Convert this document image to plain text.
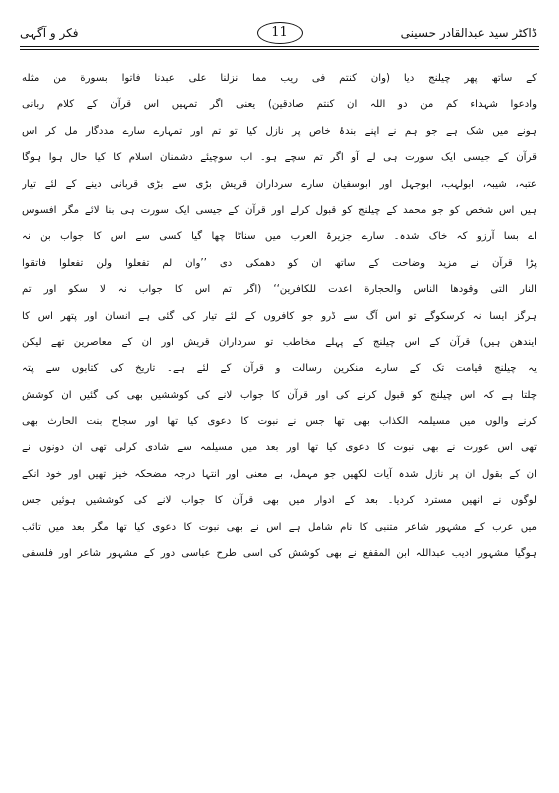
فکر و آگہی	11	ڈاکٹر سید عبدالقادر حسینی
کے ساتھ پھر چیلنج دیا (وان کنتم فی ریب مما نزلنا علی عبدنا فاتوا بسورة من مثله
وادعوا شہداء کم من دو اللہ ان کنتم صادقین) یعنی اگر تمہیں اس قرآن کے کلام ربانی
ہونے میں شک ہے جو ہم نے اپنے بندۂ خاص پر نازل کیا تو تم اور تمہارے سارے مددگار مل کر اس
قرآن کے جیسی ایک سورت ہی لے آو اگر تم سچے ہو۔ اب سوچیئے دشمنان اسلام کا کیا حال ہوا ہوگا
عتبہ، شیبہ، ابولہب، ابوجہل اور ابوسفیان سارے سرداران قریش بڑی سے بڑی قربانی دینے کے لئے تیار
ہیں اس شخص کو جو محمد کے چیلنج کو قبول کرلے اور قرآن کے جیسی ایک سورت ہی بنا لائے مگر افسوس
اے بسا آرزو کہ خاک شدہ۔ سارے جزیرۃ العرب میں سناٹا چھا گیا کسی سے اس کا جواب بن نہ
پڑا قرآن نے مزید وضاحت کے ساتھ ان کو دھمکی دی ’’وان لم تفعلوا ولن تفعلوا فاتقوا
النار التی وقودھا الناس والحجارة اعدت للکافرین‘‘ (اگر تم اس کا جواب نہ لا سکو اور تم
ہرگز ایسا نہ کرسکوگے تو اس آگ سے ڈرو جو کافروں کے لئے تیار کی گئی ہے انسان اور پتھر اس کا
ایندھن ہیں) قرآن کے اس چیلنج کے پہلے مخاطب تو سرداران قریش اور ان کے معاصرین تھے لیکن
یہ چیلنج قیامت تک کے سارے منکرین رسالت و قرآن کے لئے ہے۔ تاریخ کی کتابوں سے پتہ
چلتا ہے کہ اس چیلنج کو قبول کرنے کی اور قرآن کا جواب لانے کی کوششیں بھی کی گئیں ان کوشش
کرنے والوں میں مسیلمہ الکذاب بھی تھا جس نے نبوت کا دعوی کیا تھا اور سجاح بنت الحارث بھی
تھی اس عورت نے بھی نبوت کا دعوی کیا تھا اور بعد میں مسیلمہ سے شادی کرلی تھی ان دونوں نے
ان کے بقول ان پر نازل شدہ آیات لکھیں جو مہمل، بے معنی اور انتہا درجہ مضحکہ خیز تھیں اور خود انکے
لوگوں نے انھیں مسترد کردیا۔ بعد کے ادوار میں بھی قرآن کا جواب لانے کی کوششیں ہوئیں جس
میں عرب کے مشہور شاعر متنبی کا نام شامل ہے اس نے بھی نبوت کا دعوی کیا تھا مگر بعد میں تائب
ہوگیا مشہور ادیب عبداللہ ابن المقفع نے بھی کوشش کی اسی طرح عباسی دور کے مشہور شاعر اور فلسفی
